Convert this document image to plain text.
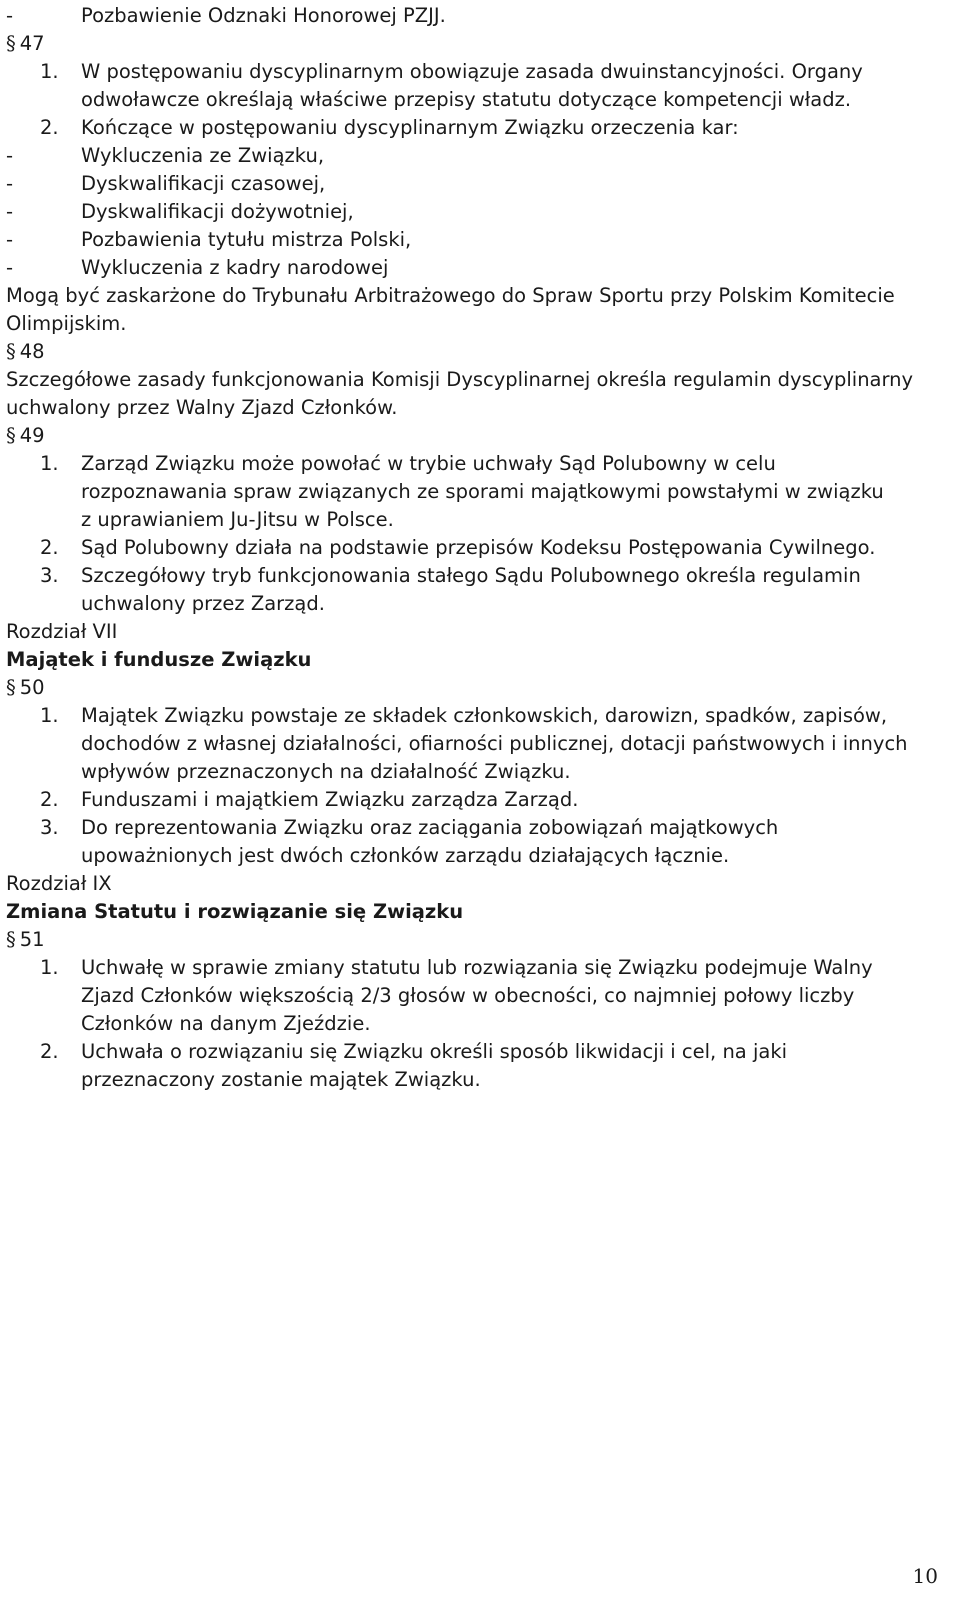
-	Pozbawienie Odznaki Honorowej PZJJ.
§ 47
1. W postępowaniu dyscyplinarnym obowiązuje zasada dwuinstancyjności. Organy
odwoławcze określają właściwe przepisy statutu dotyczące kompetencji władz.
2. Kończące w postępowaniu dyscyplinarnym Związku orzeczenia kar:
-	Wykluczenia ze Związku,
-	Dyskwalifikacji czasowej,
-	Dyskwalifikacji dożywotniej,
-	Pozbawienia tytułu mistrza Polski,
-	Wykluczenia z kadry narodowej
Mogą być zaskarżone do Trybunału Arbitrażowego do Spraw Sportu przy Polskim Komitecie
Olimpijskim.
§ 48
Szczegółowe zasady funkcjonowania Komisji Dyscyplinarnej określa regulamin dyscyplinarny
uchwalony przez Walny Zjazd Członków.
§ 49
1. Zarząd Związku może powołać w trybie uchwały Sąd Polubowny w celu
rozpoznawania spraw związanych ze sporami majątkowymi powstałymi w związku
z uprawianiem Ju-Jitsu w Polsce.
2. Sąd Polubowny działa na podstawie przepisów Kodeksu Postępowania Cywilnego.
3. Szczegółowy tryb funkcjonowania stałego Sądu Polubownego określa regulamin
uchwalony przez Zarząd.
Rozdział VII
Majątek i fundusze Związku
§ 50
1. Majątek Związku powstaje ze składek członkowskich, darowizn, spadków, zapisów,
dochodów z własnej działalności, ofiarności publicznej, dotacji państwowych i innych
wpływów przeznaczonych na działalność Związku.
2. Funduszami i majątkiem Związku zarządza Zarząd.
3. Do reprezentowania Związku oraz zaciągania zobowiązań majątkowych
upoważnionych jest dwóch członków zarządu działających łącznie.
Rozdział IX
Zmiana Statutu i rozwiązanie się Związku
§ 51
1. Uchwałę w sprawie zmiany statutu lub rozwiązania się Związku podejmuje Walny
Zjazd Członków większością 2/3 głosów w obecności, co najmniej połowy liczby
Członków na danym Zjeździe.
2. Uchwała o rozwiązaniu się Związku określi sposób likwidacji i cel, na jaki
przeznaczony zostanie majątek Związku.
10
